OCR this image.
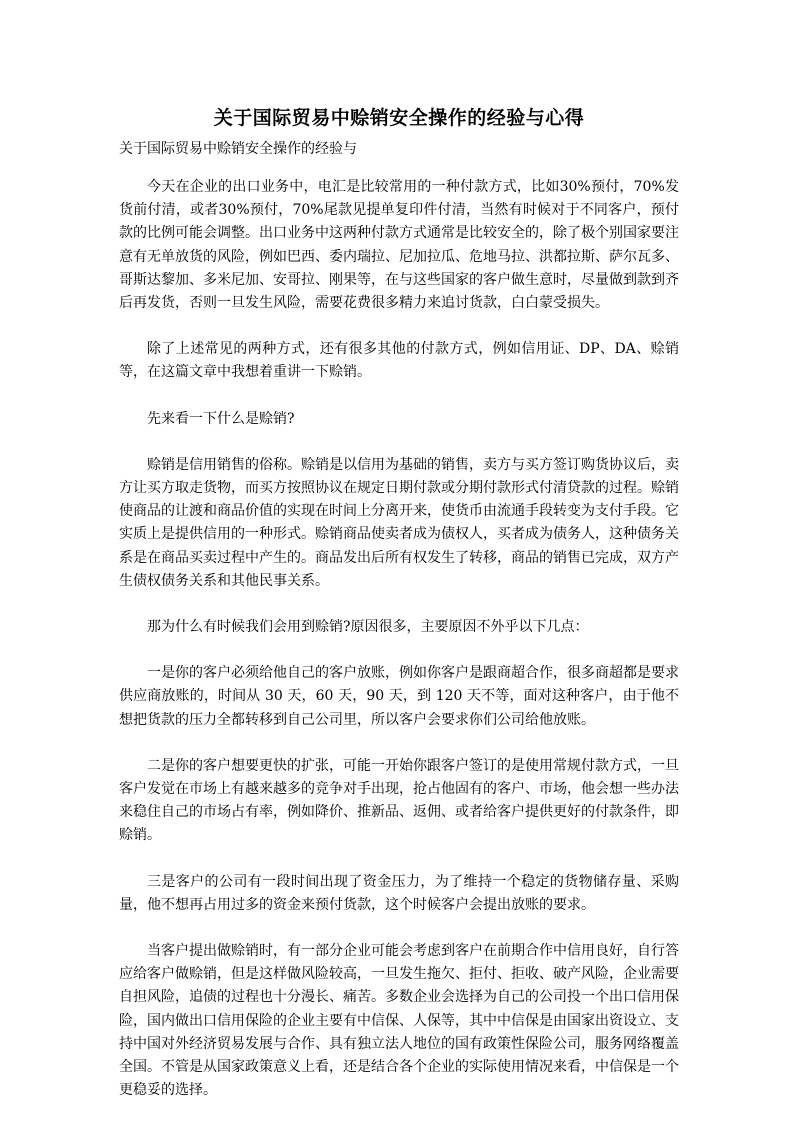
关于国际贸易中赊销安全操作的经验与心得

关于国际贸易中赊销安全操作的经验与

今天在企业的出口业务中，电汇是比较常用的一种付款方式，比如30%预付，70%发货前付清，或者30%预付，70%尾款见提单复印件付清，当然有时候对于不同客户，预付款的比例可能会调整。出口业务中这两种付款方式通常是比较安全的，除了极个别国家要注意有无单放货的风险，例如巴西、委内瑞拉、尼加拉瓜、危地马拉、洪都拉斯、萨尔瓦多、哥斯达黎加、多米尼加、安哥拉、刚果等，在与这些国家的客户做生意时，尽量做到款到齐后再发货，否则一旦发生风险，需要花费很多精力来追讨货款，白白蒙受损失。

除了上述常见的两种方式，还有很多其他的付款方式，例如信用证、DP、DA、赊销等，在这篇文章中我想着重讲一下赊销。

先来看一下什么是赊销?

赊销是信用销售的俗称。赊销是以信用为基础的销售，卖方与买方签订购货协议后，卖方让买方取走货物，而买方按照协议在规定日期付款或分期付款形式付清贷款的过程。赊销使商品的让渡和商品价值的实现在时间上分离开来，使货币由流通手段转变为支付手段。它实质上是提供信用的一种形式。赊销商品使卖者成为债权人，买者成为债务人，这种债务关系是在商品买卖过程中产生的。商品发出后所有权发生了转移，商品的销售已完成，双方产生债权债务关系和其他民事关系。

那为什么有时候我们会用到赊销?原因很多，主要原因不外乎以下几点：

一是你的客户必须给他自己的客户放账，例如你客户是跟商超合作，很多商超都是要求供应商放账的，时间从 30 天，60 天，90 天，到 120 天不等，面对这种客户，由于他不想把货款的压力全都转移到自己公司里，所以客户会要求你们公司给他放账。

二是你的客户想要更快的扩张，可能一开始你跟客户签订的是使用常规付款方式，一旦客户发觉在市场上有越来越多的竞争对手出现，抢占他固有的客户、市场，他会想一些办法来稳住自己的市场占有率，例如降价、推新品、返佣、或者给客户提供更好的付款条件，即赊销。

三是客户的公司有一段时间出现了资金压力，为了维持一个稳定的货物储存量、采购量，他不想再占用过多的资金来预付货款，这个时候客户会提出放账的要求。

当客户提出做赊销时，有一部分企业可能会考虑到客户在前期合作中信用良好，自行答应给客户做赊销，但是这样做风险较高，一旦发生拖欠、拒付、拒收、破产风险，企业需要自担风险，追债的过程也十分漫长、痛苦。多数企业会选择为自己的公司投一个出口信用保险，国内做出口信用保险的企业主要有中信保、人保等，其中中信保是由国家出资设立、支持中国对外经济贸易发展与合作、具有独立法人地位的国有政策性保险公司，服务网络覆盖全国。不管是从国家政策意义上看，还是结合各个企业的实际使用情况来看，中信保是一个更稳妥的选择。
